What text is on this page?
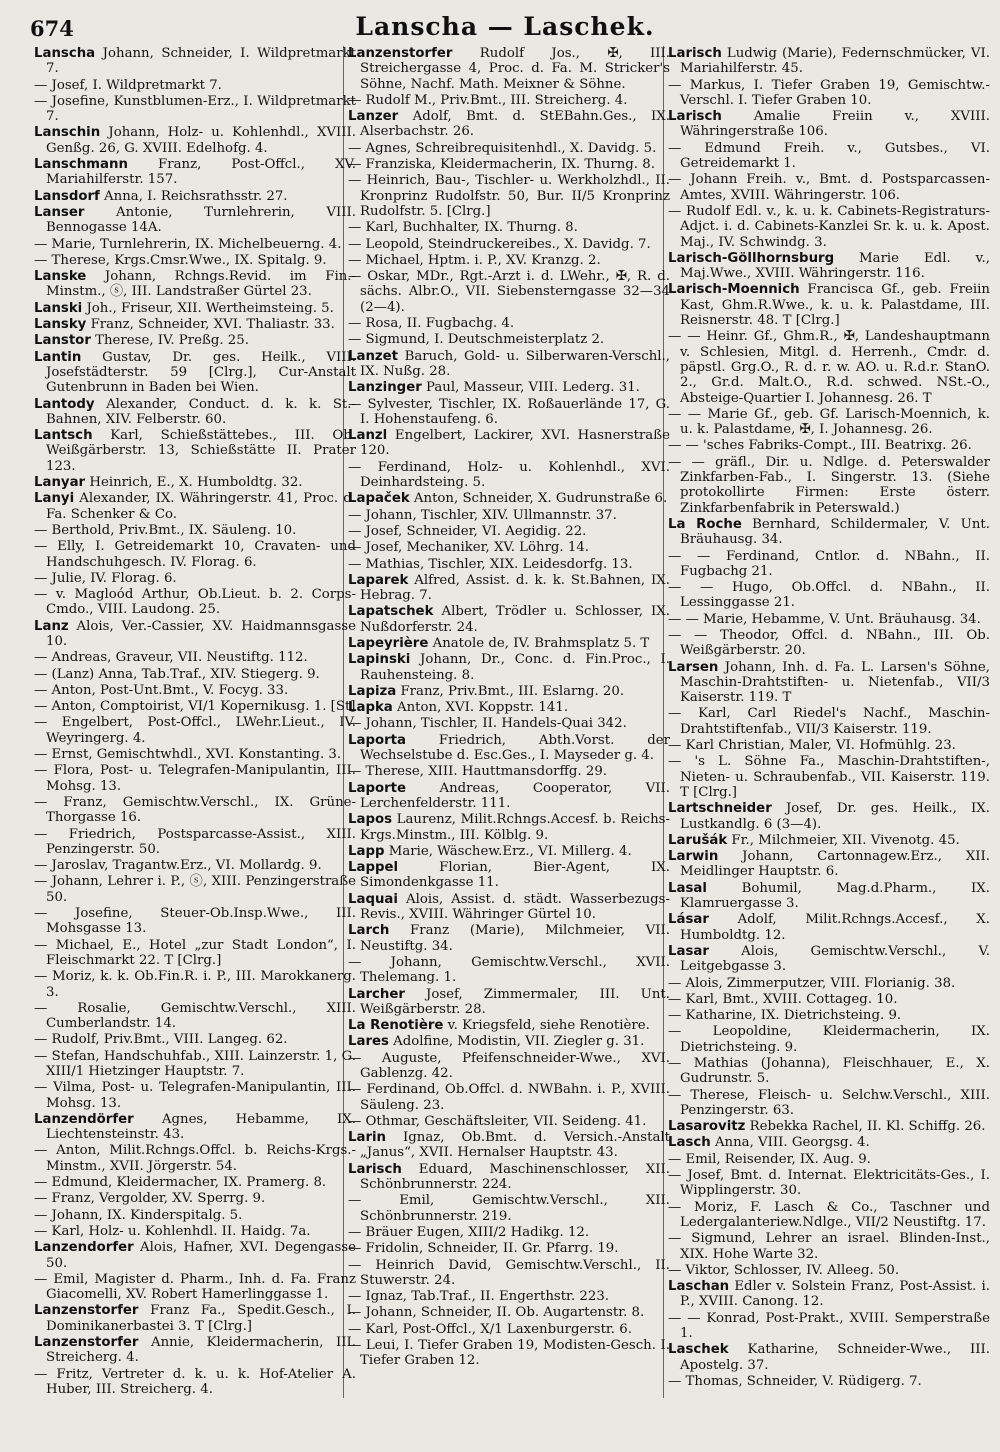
674	Lanscha — Laschek.

Lanscha Johann, Schneider, I. Wildpretmarkt 7.

— Josef, I. Wildpretmarkt 7.

— Josefine, Kunstblumen-Erz., I. Wildpretmarkt 7.

Lanschin Johann, Holz- u. Kohlenhdl., XVIII. Genßg. 26, G. XVIII. Edelhofg. 4.

Lanschmann Franz, Post-Offcl., XV. Mariahilferstr. 157.

Lansdorf Anna, I. Reichsrathsstr. 27.

Lanser Antonie, Turnlehrerin, VIII. Bennogasse 14A.

— Marie, Turnlehrerin, IX. Michelbeuerng. 4.

— Therese, Krgs.Cmsr.Wwe., IX. Spitalg. 9.

Lanske Johann, Rchngs.Revid. im Fin.-Minstm., ⓢ, III. Landstraßer Gürtel 23.

Lanski Joh., Friseur, XII. Wertheimsteing. 5.

Lansky Franz, Schneider, XVI. Thaliastr. 33.

Lanstor Therese, IV. Preßg. 25.

Lantin Gustav, Dr. ges. Heilk., VIII. Josefstädterstr. 59 [Clrg.], Cur-Anstalt Gutenbrunn in Baden bei Wien.

Lantody Alexander, Conduct. d. k. k. St.-Bahnen, XIV. Felberstr. 60.

Lantsch Karl, Schießstättebes., III. Ob. Weißgärberstr. 13, Schießstätte II. Prater 123.

Lanyar Heinrich, E., X. Humboldtg. 32.

Lanyi Alexander, IX. Währingerstr. 41, Proc. d. Fa. Schenker & Co.

— Berthold, Priv.Bmt., IX. Säuleng. 10.

— Elly, I. Getreidemarkt 10, Cravaten- und Handschuhgesch. IV. Florag. 6.

— Julie, IV. Florag. 6.

— v. Magloód Arthur, Ob.Lieut. b. 2. Corps-Cmdo., VIII. Laudong. 25.

Lanz Alois, Ver.-Cassier, XV. Haidmannsgasse 10.

— Andreas, Graveur, VII. Neustiftg. 112.

— (Lanz) Anna, Tab.Traf., XIV. Stiegerg. 9.

— Anton, Post-Unt.Bmt., V. Focyg. 33.

— Anton, Comptoirist, VI/1 Kopernikusg. 1. [St]

— Engelbert, Post-Offcl., LWehr.Lieut., IV. Weyringerg. 4.

— Ernst, Gemischtwhdl., XVI. Konstanting. 3.

— Flora, Post- u. Telegrafen-Manipulantin, III. Mohsg. 13.

— Franz, Gemischtw.Verschl., IX. Grüne-Thorgasse 16.

— Friedrich, Postsparcasse-Assist., XIII. Penzingerstr. 50.

— Jaroslav, Tragantw.Erz., VI. Mollardg. 9.

— Johann, Lehrer i. P., ⓢ, XIII. Penzingerstraße 50.

— Josefine, Steuer-Ob.Insp.Wwe., III. Mohsgasse 13.

— Michael, E., Hotel „zur Stadt London“, I. Fleischmarkt 22. T [Clrg.]

— Moriz, k. k. Ob.Fin.R. i. P., III. Marokkanerg. 3.

— Rosalie, Gemischtw.Verschl., XIII. Cumberlandstr. 14.

— Rudolf, Priv.Bmt., VIII. Langeg. 62.

— Stefan, Handschuhfab., XIII. Lainzerstr. 1, G. XIII/1 Hietzinger Hauptstr. 7.

— Vilma, Post- u. Telegrafen-Manipulantin, III. Mohsg. 13.

Lanzendörfer Agnes, Hebamme, IX. Liechtensteinstr. 43.

— Anton, Milit.Rchngs.Offcl. b. Reichs-Krgs.-Minstm., XVII. Jörgerstr. 54.

— Edmund, Kleidermacher, IX. Pramerg. 8.

— Franz, Vergolder, XV. Sperrg. 9.

— Johann, IX. Kinderspitalg. 5.

— Karl, Holz- u. Kohlenhdl. II. Haidg. 7a.

Lanzendorfer Alois, Hafner, XVI. Degengasse 50.

— Emil, Magister d. Pharm., Inh. d. Fa. Franz Giacomelli, XV. Robert Hamerlinggasse 1.

Lanzenstorfer Franz Fa., Spedit.Gesch., I. Dominikanerbastei 3. T [Clrg.]

Lanzenstorfer Annie, Kleidermacherin, III. Streicherg. 4.

— Fritz, Vertreter d. k. u. k. Hof-Atelier A. Huber, III. Streicherg. 4.

Lanzenstorfer Rudolf Jos., ✠, III. Streichergasse 4, Proc. d. Fa. M. Stricker's Söhne, Nachf. Math. Meixner & Söhne.

— Rudolf M., Priv.Bmt., III. Streicherg. 4.

Lanzer Adolf, Bmt. d. StEBahn.Ges., IX. Alserbachstr. 26.

— Agnes, Schreibrequisitenhdl., X. Davidg. 5.

— Franziska, Kleidermacherin, IX. Thurng. 8.

— Heinrich, Bau-, Tischler- u. Werkholzhdl., II. Kronprinz Rudolfstr. 50, Bur. II/5 Kronprinz Rudolfstr. 5. [Clrg.]

— Karl, Buchhalter, IX. Thurng. 8.

— Leopold, Steindruckereibes., X. Davidg. 7.

— Michael, Hptm. i. P., XV. Kranzg. 2.

— Oskar, MDr., Rgt.-Arzt i. d. LWehr., ✠, R. d. sächs. Albr.O., VII. Siebensterngasse 32—34 (2—4).

— Rosa, II. Fugbachg. 4.

— Sigmund, I. Deutschmeisterplatz 2.

Lanzet Baruch, Gold- u. Silberwaren-Verschl., IX. Nußg. 28.

Lanzinger Paul, Masseur, VIII. Lederg. 31.

— Sylvester, Tischler, IX. Roßauerlände 17, G. I. Hohenstaufeng. 6.

Lanzl Engelbert, Lackirer, XVI. Hasnerstraße 120.

— Ferdinand, Holz- u. Kohlenhdl., XVI. Deinhardsteing. 5.

Lapaček Anton, Schneider, X. Gudrunstraße 6.

— Johann, Tischler, XIV. Ullmannstr. 37.

— Josef, Schneider, VI. Aegidig. 22.

— Josef, Mechaniker, XV. Löhrg. 14.

— Mathias, Tischler, XIX. Leidesdorfg. 13.

Laparek Alfred, Assist. d. k. k. St.Bahnen, IX. Hebrag. 7.

Lapatschek Albert, Trödler u. Schlosser, IX. Nußdorferstr. 24.

Lapeyrière Anatole de, IV. Brahmsplatz 5. T

Lapinski Johann, Dr., Conc. d. Fin.Proc., I. Rauhensteing. 8.

Lapiza Franz, Priv.Bmt., III. Eslarng. 20.

Lapka Anton, XVI. Koppstr. 141.

— Johann, Tischler, II. Handels-Quai 342.

Laporta Friedrich, Abth.Vorst. der Wechselstube d. Esc.Ges., I. Mayseder g. 4.

— Therese, XIII. Hauttmansdorffg. 29.

Laporte Andreas, Cooperator, VII. Lerchenfelderstr. 111.

Lapos Laurenz, Milit.Rchngs.Accesf. b. Reichs-Krgs.Minstm., III. Kölblg. 9.

Lapp Marie, Wäschew.Erz., VI. Millerg. 4.

Lappel Florian, Bier-Agent, IX. Simondenkgasse 11.

Laquai Alois, Assist. d. städt. Wasserbezugs-Revis., XVIII. Währinger Gürtel 10.

Larch Franz (Marie), Milchmeier, VII. Neustiftg. 34.

— Johann, Gemischtw.Verschl., XVII. Thelemang. 1.

Larcher Josef, Zimmermaler, III. Unt. Weißgärberstr. 28.

La Renotière v. Kriegsfeld, siehe Renotière.

Lares Adolfine, Modistin, VII. Ziegler g. 31.

— Auguste, Pfeifenschneider-Wwe., XVI. Gablenzg. 42.

— Ferdinand, Ob.Offcl. d. NWBahn. i. P., XVIII. Säuleng. 23.

— Othmar, Geschäftsleiter, VII. Seideng. 41.

Larin Ignaz, Ob.Bmt. d. Versich.-Anstalt „Janus“, XVII. Hernalser Hauptstr. 43.

Larisch Eduard, Maschinenschlosser, XII. Schönbrunnerstr. 224.

— Emil, Gemischtw.Verschl., XII. Schönbrunnerstr. 219.

— Bräuer Eugen, XIII/2 Hadikg. 12.

— Fridolin, Schneider, II. Gr. Pfarrg. 19.

— Heinrich David, Gemischtw.Verschl., II. Stuwerstr. 24.

— Ignaz, Tab.Traf., II. Engerthstr. 223.

— Johann, Schneider, II. Ob. Augartenstr. 8.

— Karl, Post-Offcl., X/1 Laxenburgerstr. 6.

— Leui, I. Tiefer Graben 19, Modisten-Gesch. I. Tiefer Graben 12.

Larisch Ludwig (Marie), Federnschmücker, VI. Mariahilferstr. 45.

— Markus, I. Tiefer Graben 19, Gemischtw.-Verschl. I. Tiefer Graben 10.

Larisch Amalie Freiin v., XVIII. Währingerstraße 106.

— Edmund Freih. v., Gutsbes., VI. Getreidemarkt 1.

— Johann Freih. v., Bmt. d. Postsparcassen-Amtes, XVIII. Währingerstr. 106.

— Rudolf Edl. v., k. u. k. Cabinets-Registraturs-Adjct. i. d. Cabinets-Kanzlei Sr. k. u. k. Apost. Maj., IV. Schwindg. 3.

Larisch-Göllhornsburg Marie Edl. v., Maj.Wwe., XVIII. Währingerstr. 116.

Larisch-Moennich Francisca Gf., geb. Freiin Kast, Ghm.R.Wwe., k. u. k. Palastdame, III. Reisnerstr. 48. T [Clrg.]

— — Heinr. Gf., Ghm.R., ✠, Landeshauptmann v. Schlesien, Mitgl. d. Herrenh., Cmdr. d. päpstl. Grg.O., R. d. r. w. AO. u. R.d.r. StanO. 2., Gr.d. Malt.O., R.d. schwed. NSt.-O., Absteige-Quartier I. Johannesg. 26. T

— — Marie Gf., geb. Gf. Larisch-Moennich, k. u. k. Palastdame, ✠, I. Johannesg. 26.

— — 'sches Fabriks-Compt., III. Beatrixg. 26.

— — gräfl., Dir. u. Ndlge. d. Peterswalder Zinkfarben-Fab., I. Singerstr. 13. (Siehe protokollirte Firmen: Erste österr. Zinkfarbenfabrik in Peterswald.)

La Roche Bernhard, Schildermaler, V. Unt. Bräuhausg. 34.

— — Ferdinand, Cntlor. d. NBahn., II. Fugbachg 21.

— — Hugo, Ob.Offcl. d. NBahn., II. Lessinggasse 21.

— — Marie, Hebamme, V. Unt. Bräuhausg. 34.

— — Theodor, Offcl. d. NBahn., III. Ob. Weißgärberstr. 20.

Larsen Johann, Inh. d. Fa. L. Larsen's Söhne, Maschin-Drahtstiften- u. Nietenfab., VII/3 Kaiserstr. 119. T

— Karl, Carl Riedel's Nachf., Maschin-Drahtstiftenfab., VII/3 Kaiserstr. 119.

— Karl Christian, Maler, VI. Hofmühlg. 23.

— 's L. Söhne Fa., Maschin-Drahtstiften-, Nieten- u. Schraubenfab., VII. Kaiserstr. 119. T [Clrg.]

Lartschneider Josef, Dr. ges. Heilk., IX. Lustkandlg. 6 (3—4).

Larušák Fr., Milchmeier, XII. Vivenotg. 45.

Larwin Johann, Cartonnagew.Erz., XII. Meidlinger Hauptstr. 6.

Lasal Bohumil, Mag.d.Pharm., IX. Klamruergasse 3.

Lásar Adolf, Milit.Rchngs.Accesf., X. Humboldtg. 12.

Lasar Alois, Gemischtw.Verschl., V. Leitgebgasse 3.

— Alois, Zimmerputzer, VIII. Florianig. 38.

— Karl, Bmt., XVIII. Cottageg. 10.

— Katharine, IX. Dietrichsteing. 9.

— Leopoldine, Kleidermacherin, IX. Dietrichsteing. 9.

— Mathias (Johanna), Fleischhauer, E., X. Gudrunstr. 5.

— Therese, Fleisch- u. Selchw.Verschl., XIII. Penzingerstr. 63.

Lasarovitz Rebekka Rachel, II. Kl. Schiffg. 26.

Lasch Anna, VIII. Georgsg. 4.

— Emil, Reisender, IX. Aug. 9.

— Josef, Bmt. d. Internat. Elektricitäts-Ges., I. Wipplingerstr. 30.

— Moriz, F. Lasch & Co., Taschner und Ledergalanteriew.Ndlge., VII/2 Neustiftg. 17.

— Sigmund, Lehrer an israel. Blinden-Inst., XIX. Hohe Warte 32.

— Viktor, Schlosser, IV. Alleeg. 50.

Laschan Edler v. Solstein Franz, Post-Assist. i. P., XVIII. Canong. 12.

— — Konrad, Post-Prakt., XVIII. Semperstraße 1.

Laschek Katharine, Schneider-Wwe., III. Apostelg. 37.

— Thomas, Schneider, V. Rüdigerg. 7.
